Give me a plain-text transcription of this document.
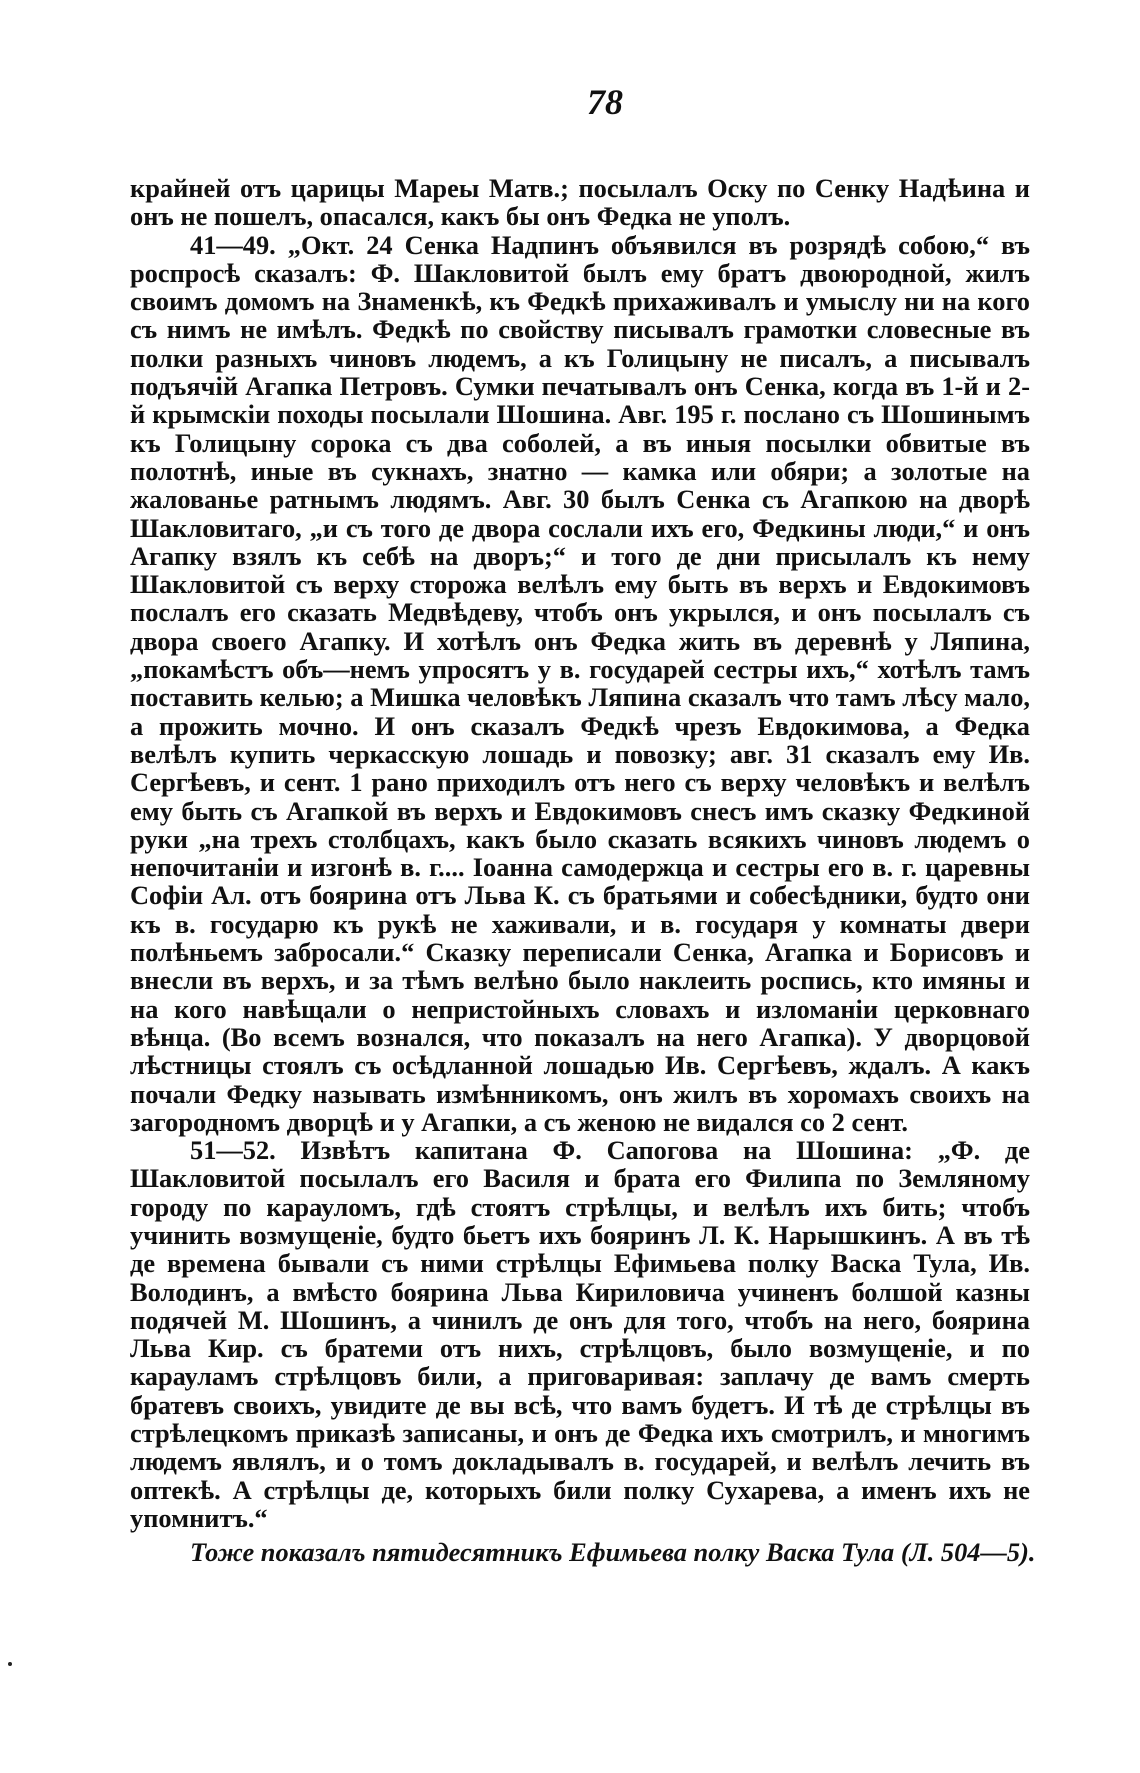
78

крайней отъ царицы Мареы Матв.; посылалъ Оску по Сенку Надѣина и онъ не пошелъ, опасался, какъ бы онъ Федка не уполъ.

41—49. „Окт. 24 Сенка Надпинъ объявился въ розрядѣ собою,“ въ роспросѣ сказалъ: Ф. Шакловитой былъ ему братъ двоюродной, жилъ своимъ домомъ на Знаменкѣ, къ Федкѣ прихаживалъ и умыслу ни на кого съ нимъ не имѣлъ. Федкѣ по свойству писывалъ грамотки словесные въ полки разныхъ чиновъ людемъ, а къ Голицыну не писалъ, а писывалъ подъячій Агапка Петровъ. Сумки печатывалъ онъ Сенка, когда въ 1-й и 2-й крымскiи походы посылали Шошина. Авг. 195 г. послано съ Шошинымъ къ Голицыну сорока съ два соболей, а въ иныя посылки обвитые въ полотнѣ, иные въ сукнахъ, знатно — камка или обяри; а золотые на жалованье ратнымъ людямъ. Авг. 30 былъ Сенка съ Агапкою на дворѣ Шакловитаго, „и съ того де двора сослали ихъ его, Федкины люди,“ и онъ Агапку взялъ къ себѣ на дворъ;“ и того де дни присылалъ къ нему Шакловитой съ верху сторожа велѣлъ ему быть въ верхъ и Евдокимовъ послалъ его сказать Медвѣдеву, чтобъ онъ укрылся, и онъ посылалъ съ двора своего Агапку. И хотѣлъ онъ Федка жить въ деревнѣ у Ляпина, „покамѣстъ объ—немъ упросятъ у в. государей сестры ихъ,“ хотѣлъ тамъ поставить келью; а Мишка человѣкъ Ляпина сказалъ что тамъ лѣсу мало, а прожить мочно. И онъ сказалъ Федкѣ чрезъ Евдокимова, а Федка велѣлъ купить черкасскую лошадь и повозку; авг. 31 сказалъ ему Ив. Сергѣевъ, и сент. 1 рано приходилъ отъ него съ верху человѣкъ и велѣлъ ему быть съ Агапкой въ верхъ и Евдокимовъ снесъ имъ сказку Федкиной руки „на трехъ столбцахъ, какъ было сказать всякихъ чиновъ людемъ о непочитанiи и изгонѣ в. г.... Iоанна самодержца и сестры его в. г. царевны Софiи Ал. отъ боярина отъ Льва К. съ братьями и собесѣдники, будто они къ в. государю къ рукѣ не хаживали, и в. государя у комнаты двери полѣньемъ забросали.“ Сказку переписали Сенка, Агапка и Борисовъ и внесли въ верхъ, и за тѣмъ велѣно было наклеить роспись, кто имяны и на кого навѣщали о непристойныхъ словахъ и изломанiи церковнаго вѣнца. (Во всемъ вознался, что показалъ на него Агапка). У дворцовой лѣстницы стоялъ съ осѣдланной лошадью Ив. Сергѣевъ, ждалъ. А какъ почали Федку называть измѣнникомъ, онъ жилъ въ хоромахъ своихъ на загородномъ дворцѣ и у Агапки, а съ женою не видался со 2 сент.

51—52. Извѣтъ капитана Ф. Сапогова на Шошина: „Ф. де Шакловитой посылалъ его Василя и брата его Филипа по Земляному городу по карауломъ, гдѣ стоятъ стрѣлцы, и велѣлъ ихъ бить; чтобъ учинить возмущенie, будто бьетъ ихъ бояринъ Л. К. Нарышкинъ. А въ тѣ де времена бывали съ ними стрѣлцы Ефимьева полку Васка Тула, Ив. Володинъ, а вмѣсто боярина Льва Кириловича учиненъ болшой казны подячей М. Шошинъ, а чинилъ де онъ для того, чтобъ на него, боярина Льва Кир. съ братеми отъ нихъ, стрѣлцовъ, было возмущенie, и по карауламъ стрѣлцовъ били, а приговаривая: заплачу де вамъ смерть братевъ своихъ, увидите де вы всѣ, что вамъ будетъ. И тѣ де стрѣлцы въ стрѣлецкомъ приказѣ записаны, и онъ де Федка ихъ смотрилъ, и многимъ людемъ являлъ, и о томъ докладывалъ в. государей, и велѣлъ лечить въ оптекѣ. А стрѣлцы де, которыхъ били полку Сухарева, а именъ ихъ не упомнитъ.“

Тоже показалъ пятидесятникъ Ефимьева полку Васка Тула (Л. 504—5).
